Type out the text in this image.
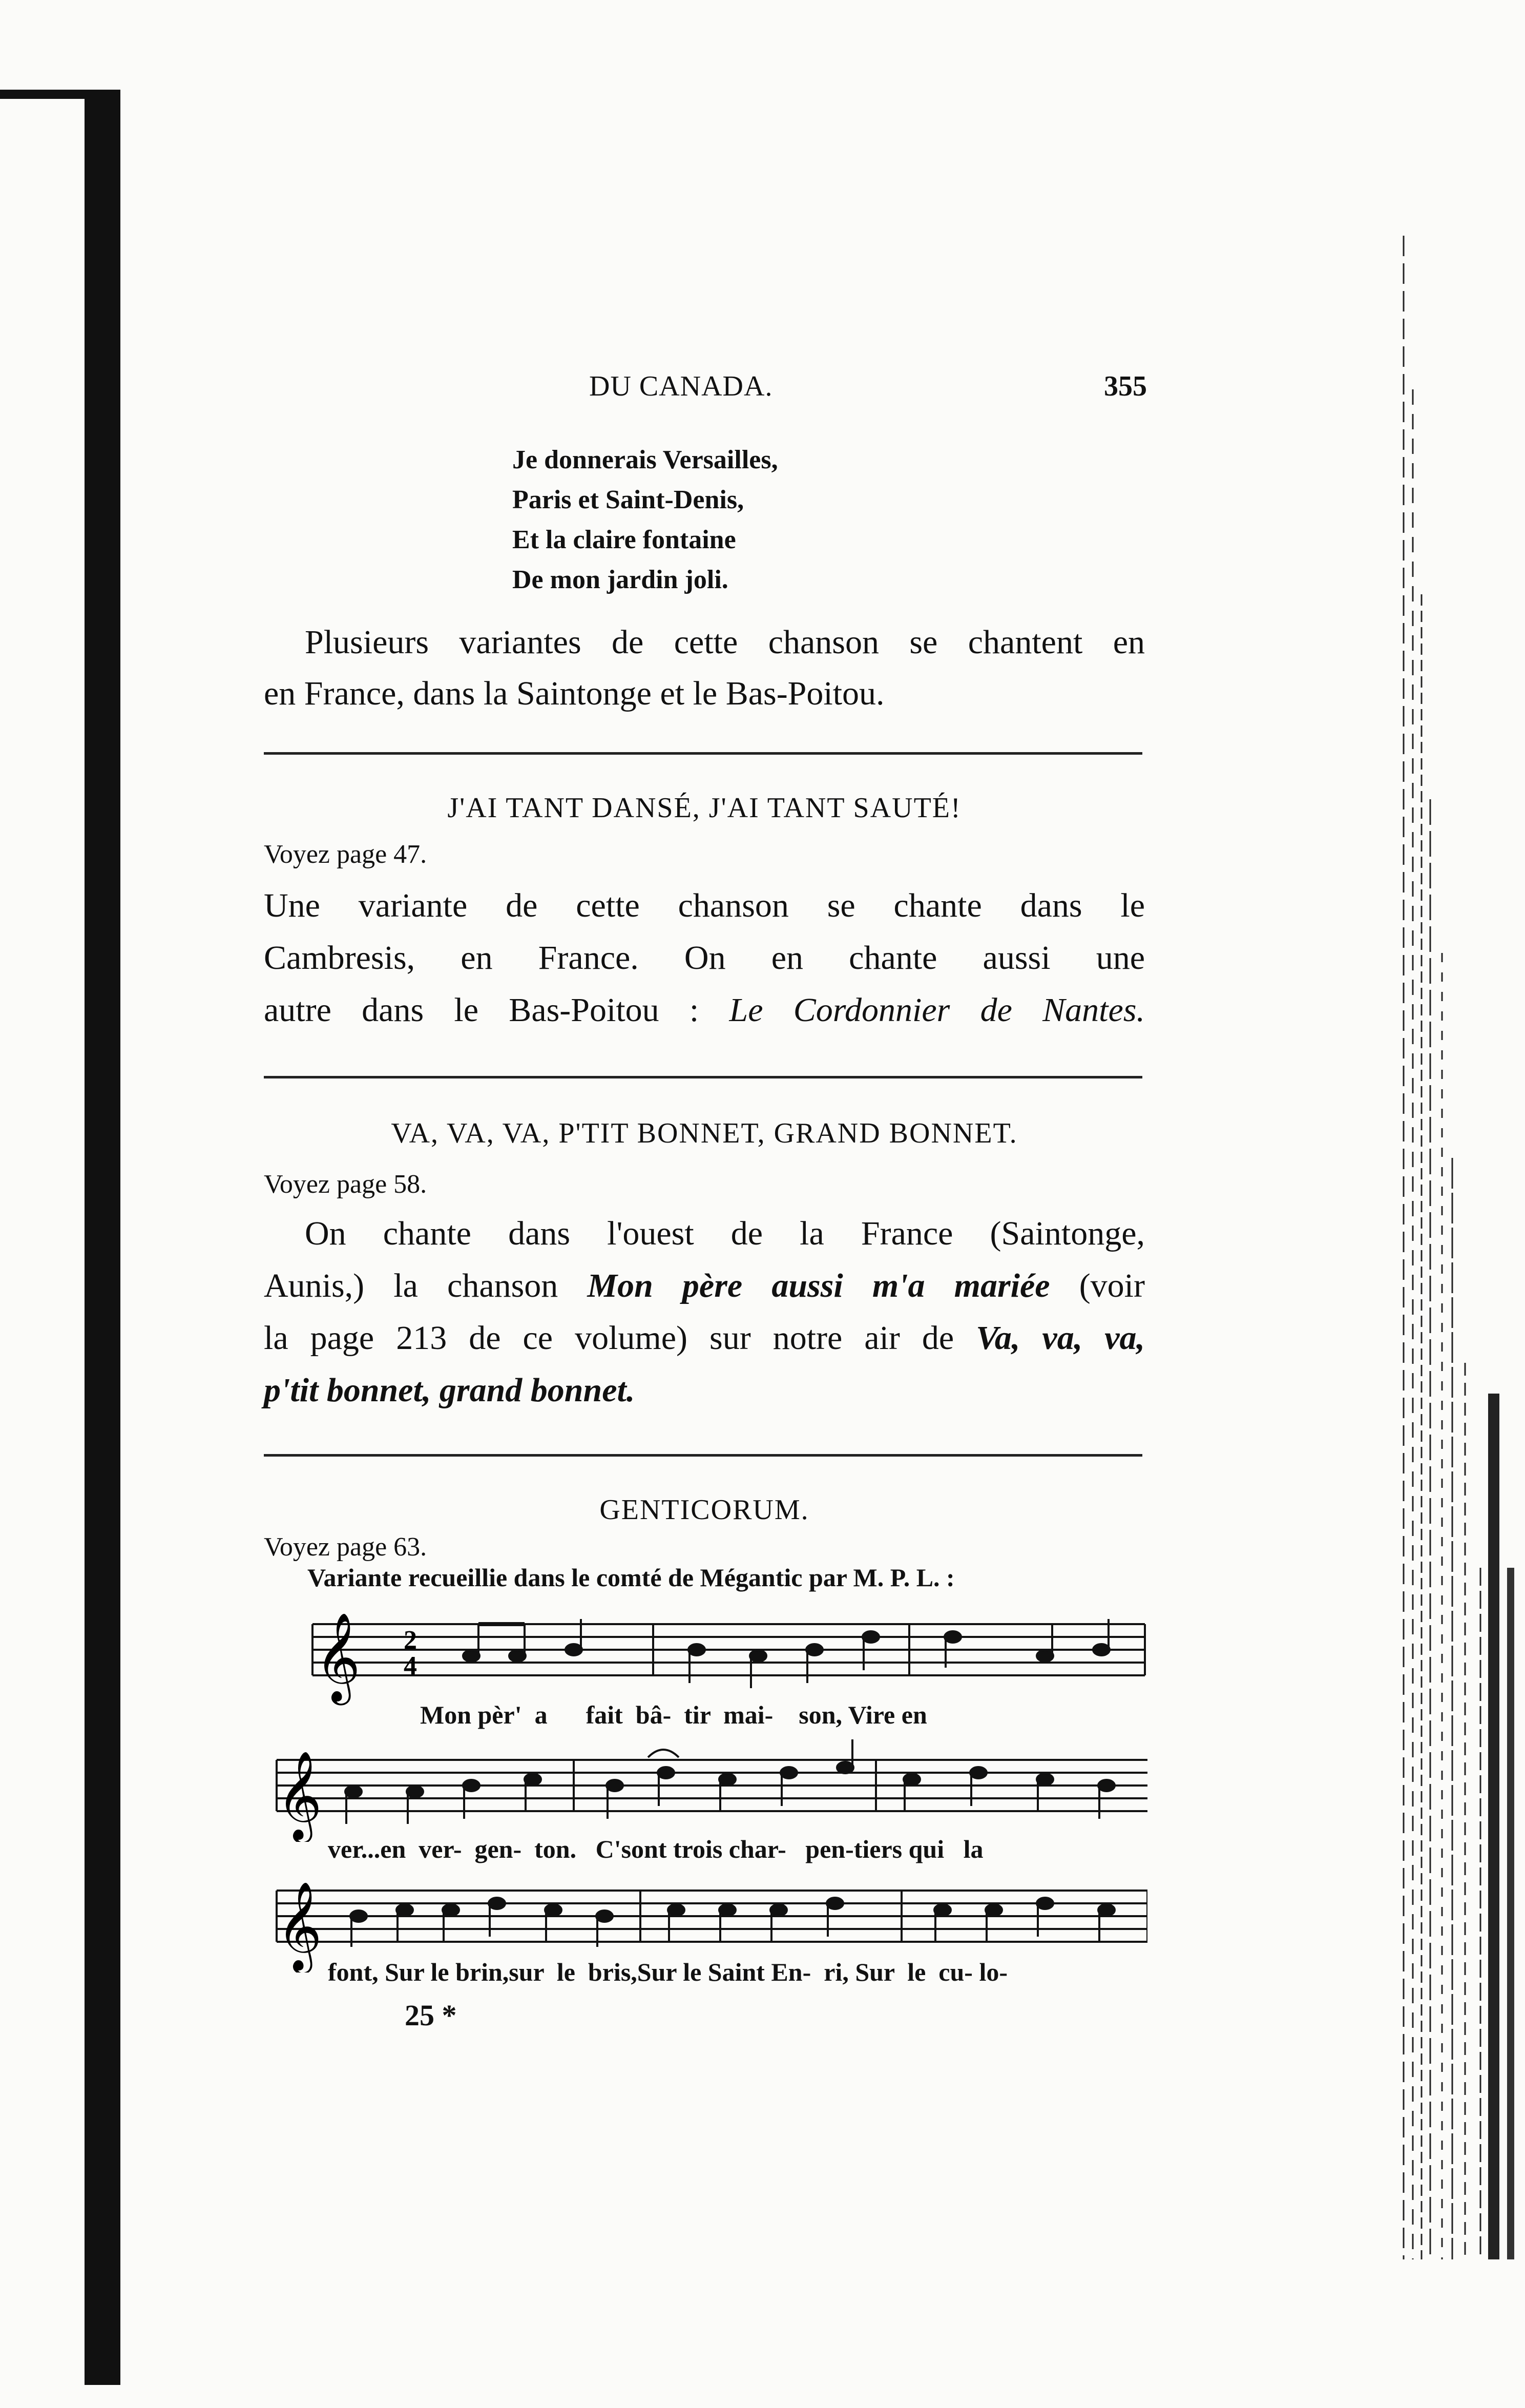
DU CANADA.	355
Je donnerais Versailles,
Paris et Saint-Denis,
Et la claire fontaine
De mon jardin joli.
Plusieurs variantes de cette chanson se chantent en
en France, dans la Saintonge et le Bas-Poitou.
J'AI TANT DANSÉ, J'AI TANT SAUTÉ!
Voyez page 47.
Une variante de cette chanson se chante dans le
Cambresis, en France. On en chante aussi une
autre dans le Bas-Poitou : Le Cordonnier de Nantes.
VA, VA, VA, P'TIT BONNET, GRAND BONNET.
Voyez page 58.
On chante dans l'ouest de la France (Saintonge,
Aunis,) la chanson Mon père aussi m'a mariée (voir
la page 213 de ce volume) sur notre air de Va, va, va,
p'tit bonnet, grand bonnet.
GENTICORUM.
Voyez page 63.
Variante recueillie dans le comté de Mégantic par M. P. L. :
𝄞 2
4
Mon pèr'  a      fait  bâ-  tir  mai-    son, Vire en
𝄞
ver...en  ver-  gen-  ton.   C'sont trois char-   pen-tiers qui   la
𝄞
font, Sur le brin,sur  le  bris,Sur le Saint En-  ri, Sur  le  cu- lo-
25 *
